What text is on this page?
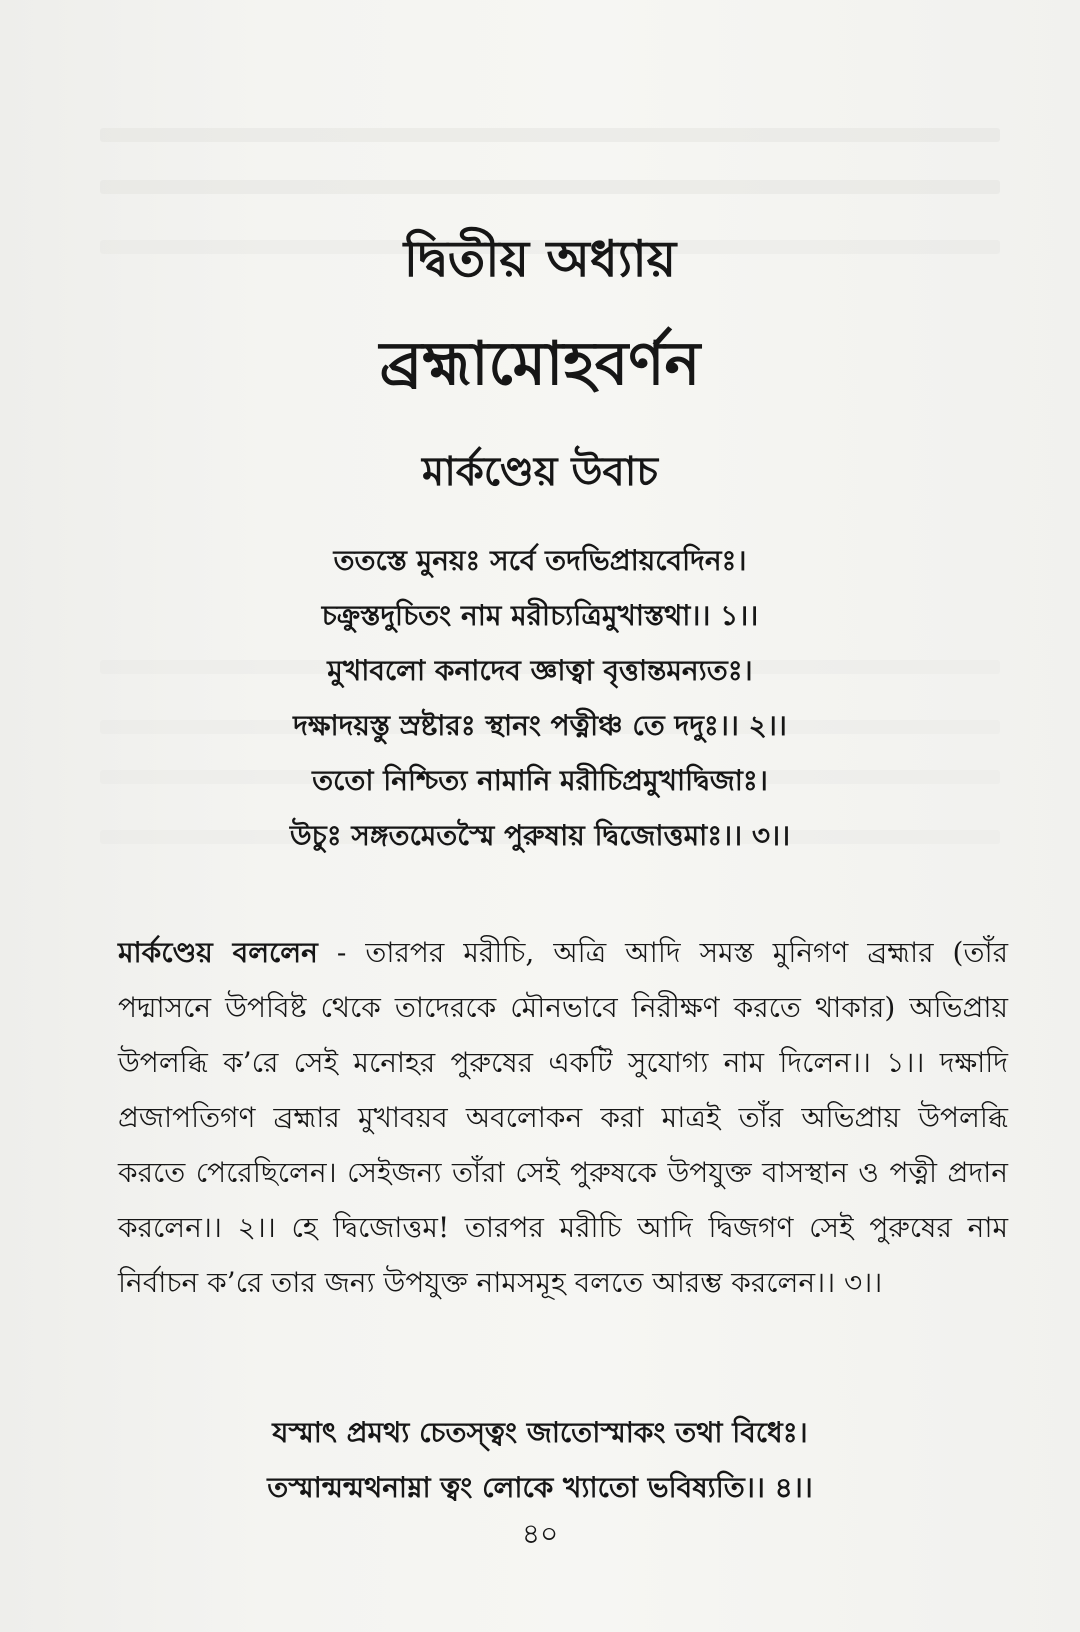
দ্বিতীয় অধ্যায়
ব্রহ্মামোহবর্ণন
মার্কণ্ডেয় উবাচ
ততস্তে মুনয়ঃ সর্বে তদভিপ্রায়বেদিনঃ।
চক্রুস্তদুচিতং নাম মরীচ্যত্রিমুখাস্তথা।। ১।।
মুখাবলো কনাদেব জ্ঞাত্বা বৃত্তান্তমন্যতঃ।
দক্ষাদয়স্তু স্রষ্টারঃ স্থানং পত্নীঞ্চ তে দদুঃ।। ২।।
ততো নিশ্চিত্য নামানি মরীচিপ্রমুখাদ্বিজাঃ।
উচুঃ সঙ্গতমেতস্মৈ পুরুষায় দ্বিজোত্তমাঃ।। ৩।।

মার্কণ্ডেয় বললেন - তারপর মরীচি, অত্রি আদি সমস্ত মুনিগণ ব্রহ্মার (তাঁর পদ্মাসনে উপবিষ্ট থেকে তাদেরকে মৌনভাবে নিরীক্ষণ করতে থাকার) অভিপ্রায় উপলব্ধি ক’রে সেই মনোহর পুরুষের একটি সুযোগ্য নাম দিলেন।। ১।। দক্ষাদি প্রজাপতিগণ ব্রহ্মার মুখাবয়ব অবলোকন করা মাত্রই তাঁর অভিপ্রায় উপলব্ধি করতে পেরেছিলেন। সেইজন্য তাঁরা সেই পুরুষকে উপযুক্ত বাসস্থান ও পত্নী প্রদান করলেন।। ২।। হে দ্বিজোত্তম! তারপর মরীচি আদি দ্বিজগণ সেই পুরুষের নাম নির্বাচন ক’রে তার জন্য উপযুক্ত নামসমূহ বলতে আরম্ভ করলেন।। ৩।।

যস্মাৎ প্রমথ্য চেতস্ত্বং জাতোস্মাকং তথা বিধেঃ।
তস্মান্মন্মথনাম্না ত্বং লোকে খ্যাতো ভবিষ্যতি।। ৪।।
৪০
